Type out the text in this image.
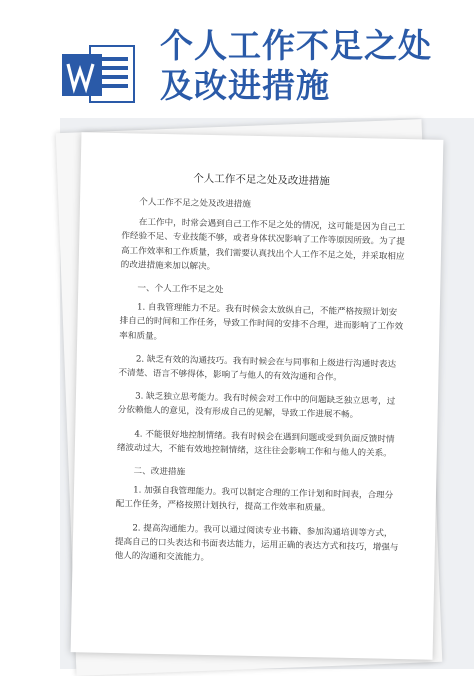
个人工作不足之处及改进措施
个人工作不足之处及改进措施

个人工作不足之处及改进措施

在工作中，时常会遇到自己工作不足之处的情况，这可能是因为自己工作经验不足、专业技能不够，或者身体状况影响了工作等原因所致。为了提高工作效率和工作质量，我们需要认真找出个人工作不足之处，并采取相应的改进措施来加以解决。

一、个人工作不足之处

1. 自我管理能力不足。我有时候会太放纵自己，不能严格按照计划安排自己的时间和工作任务，导致工作时间的安排不合理，进而影响了工作效率和质量。

2. 缺乏有效的沟通技巧。我有时候会在与同事和上级进行沟通时表达不清楚、语言不够得体，影响了与他人的有效沟通和合作。

3. 缺乏独立思考能力。我有时候会对工作中的问题缺乏独立思考，过分依赖他人的意见，没有形成自己的见解，导致工作进展不畅。

4. 不能很好地控制情绪。我有时候会在遇到问题或受到负面反馈时情绪波动过大，不能有效地控制情绪，这往往会影响工作和与他人的关系。

二、改进措施

1. 加强自我管理能力。我可以制定合理的工作计划和时间表，合理分配工作任务，严格按照计划执行，提高工作效率和质量。

2. 提高沟通能力。我可以通过阅读专业书籍、参加沟通培训等方式，提高自己的口头表达和书面表达能力，运用正确的表达方式和技巧，增强与他人的沟通和交流能力。
